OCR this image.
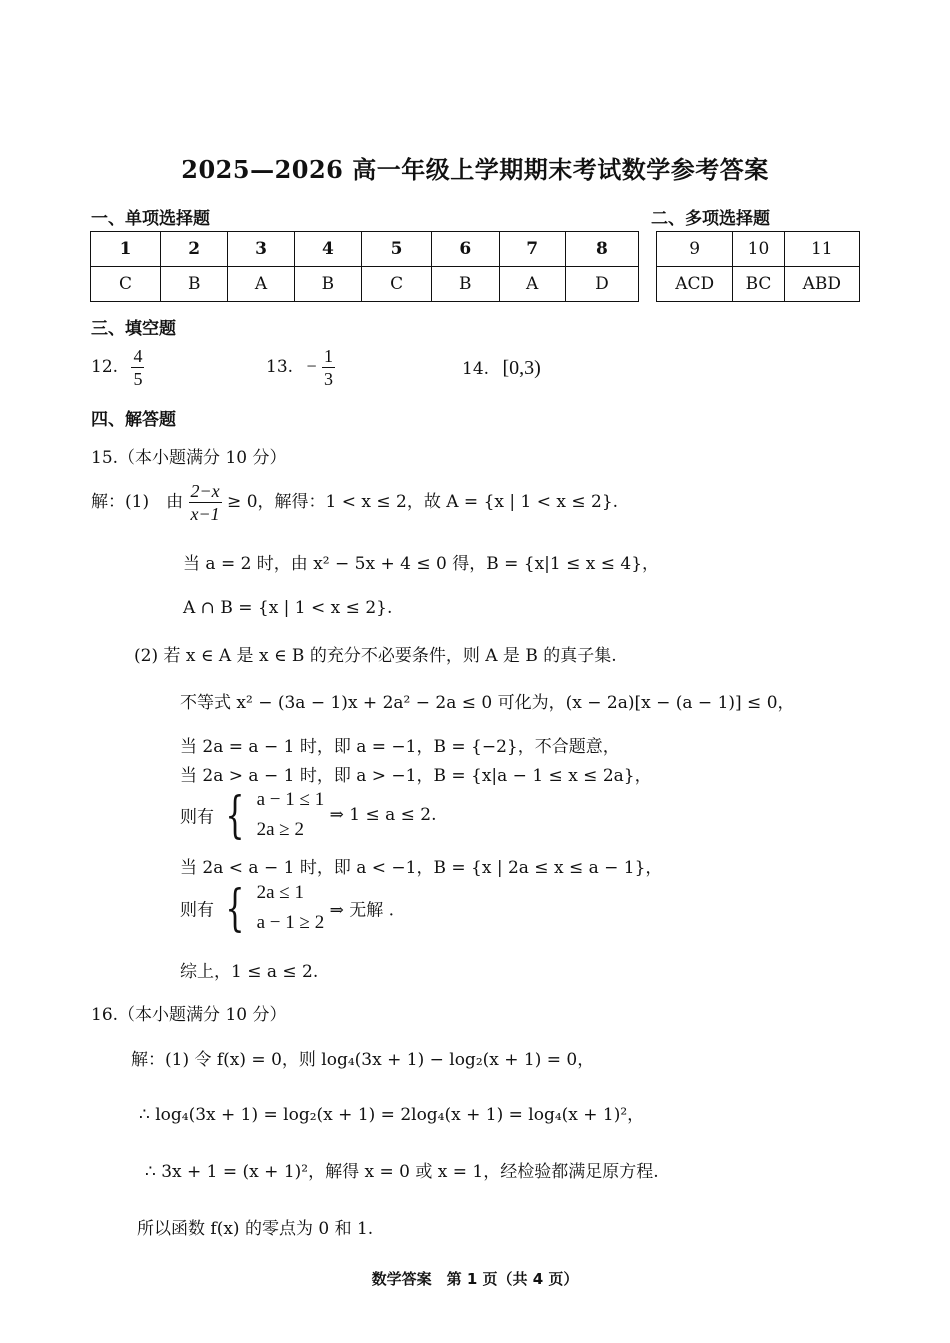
2025—2026 高一年级上学期期末考试数学参考答案
一、单项选择题	二、多项选择题
1	2	3	4	5	6	7	8
C	B	A	B	C	B	A	D
9	10	11
ACD	BC	ABD
三、填空题
12. $\frac{4}{5}$	13. − $\frac{1}{3}$	14. [0,3)
四、解答题
15.（本小题满分 10 分）
解：(1)　由 $\frac{2-x}{x-1} \ge 0$，解得：1 < x ≤ 2，故 A = {x | 1 < x ≤ 2}.
当 a = 2 时，由 x² − 5x + 4 ≤ 0 得，B = {x|1 ≤ x ≤ 4}，
A ∩ B = {x | 1 < x ≤ 2}.
(2) 若 x ∈ A 是 x ∈ B 的充分不必要条件，则 A 是 B 的真子集.
不等式 x² − (3a − 1)x + 2a² − 2a ≤ 0 可化为，(x − 2a)[x − (a − 1)] ≤ 0，
当 2a = a − 1 时，即 a = −1，B = {−2}，不合题意，
当 2a > a − 1 时，即 a > −1，B = {x|a − 1 ≤ x ≤ 2a}，
则有 { a − 1 ≤ 1
2a ≥ 2
⇒ 1 ≤ a ≤ 2.
当 2a < a − 1 时，即 a < −1，B = {x | 2a ≤ x ≤ a − 1}，
则有 { 2a ≤ 1
a − 1 ≥ 2
⇒ 无解 .
综上，1 ≤ a ≤ 2.
16.（本小题满分 10 分）
解：(1) 令 f(x) = 0，则 log₄(3x + 1) − log₂(x + 1) = 0，
∴ log₄(3x + 1) = log₂(x + 1) = 2log₄(x + 1) = log₄(x + 1)²，
∴ 3x + 1 = (x + 1)²，解得 x = 0 或 x = 1，经检验都满足原方程.
所以函数 f(x) 的零点为 0 和 1.
数学答案　第 1 页（共 4 页）
